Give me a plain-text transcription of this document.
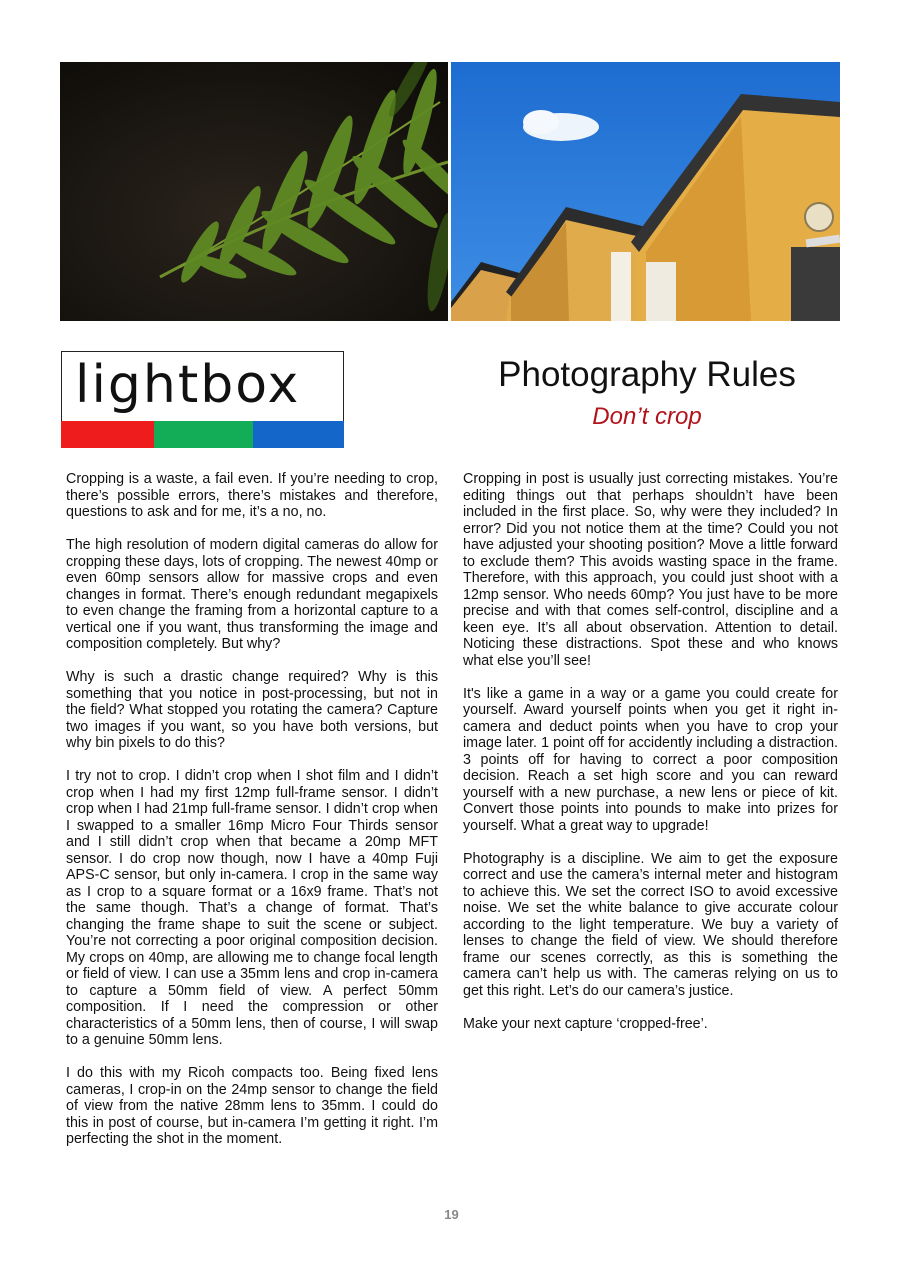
lightbox	Photography Rules
Don’t crop

Cropping is a waste, a fail even. If you’re needing to crop, there’s possible errors, there’s mistakes and therefore, questions to ask and for me, it’s a no, no.

The high resolution of modern digital cameras do allow for cropping these days, lots of cropping. The newest 40mp or even 60mp sensors allow for massive crops and even changes in format. There’s enough redundant megapixels to even change the framing from a horizontal capture to a vertical one if you want, thus transforming the image and composition completely. But why?

Why is such a drastic change required? Why is this something that you notice in post-processing, but not in the field? What stopped you rotating the camera? Capture two images if you want, so you have both versions, but why bin pixels to do this?

I try not to crop. I didn’t crop when I shot film and I didn’t crop when I had my first 12mp full-frame sensor. I didn’t crop when I had 21mp full-frame sensor. I didn’t crop when I swapped to a smaller 16mp Micro Four Thirds sensor and I still didn’t crop when that became a 20mp MFT sensor. I do crop now though, now I have a 40mp Fuji APS-C sensor, but only in-camera. I crop in the same way as I crop to a square format or a 16x9 frame. That’s not the same though. That’s a change of format. That’s changing the frame shape to suit the scene or subject. You’re not correcting a poor original composition decision. My crops on 40mp, are allowing me to change focal length or field of view. I can use a 35mm lens and crop in-camera to capture a 50mm field of view. A perfect 50mm composition. If I need the compression or other characteristics of a 50mm lens, then of course, I will swap to a genuine 50mm lens.

I do this with my Ricoh compacts too. Being fixed lens cameras, I crop-in on the 24mp sensor to change the field of view from the native 28mm lens to 35mm. I could do this in post of course, but in-camera I’m getting it right. I’m perfecting the shot in the moment.

Cropping in post is usually just correcting mistakes. You’re editing things out that perhaps shouldn’t have been included in the first place. So, why were they included? In error? Did you not notice them at the time? Could you not have adjusted your shooting position? Move a little forward to exclude them? This avoids wasting space in the frame. Therefore, with this approach, you could just shoot with a 12mp sensor. Who needs 60mp? You just have to be more precise and with that comes self-control, discipline and a keen eye. It’s all about observation. Attention to detail. Noticing these distractions. Spot these and who knows what else you’ll see!

It's like a game in a way or a game you could create for yourself. Award yourself points when you get it right in-camera and deduct points when you have to crop your image later. 1 point off for accidently including a distraction. 3 points off for having to correct a poor composition decision. Reach a set high score and you can reward yourself with a new purchase, a new lens or piece of kit. Convert those points into pounds to make into prizes for yourself. What a great way to upgrade!

Photography is a discipline. We aim to get the exposure correct and use the camera’s internal meter and histogram to achieve this. We set the correct ISO to avoid excessive noise. We set the white balance to give accurate colour according to the light temperature. We buy a variety of lenses to change the field of view. We should therefore frame our scenes correctly, as this is something the camera can’t help us with. The cameras relying on us to get this right. Let’s do our camera’s justice.

Make your next capture ‘cropped-free’.

19
